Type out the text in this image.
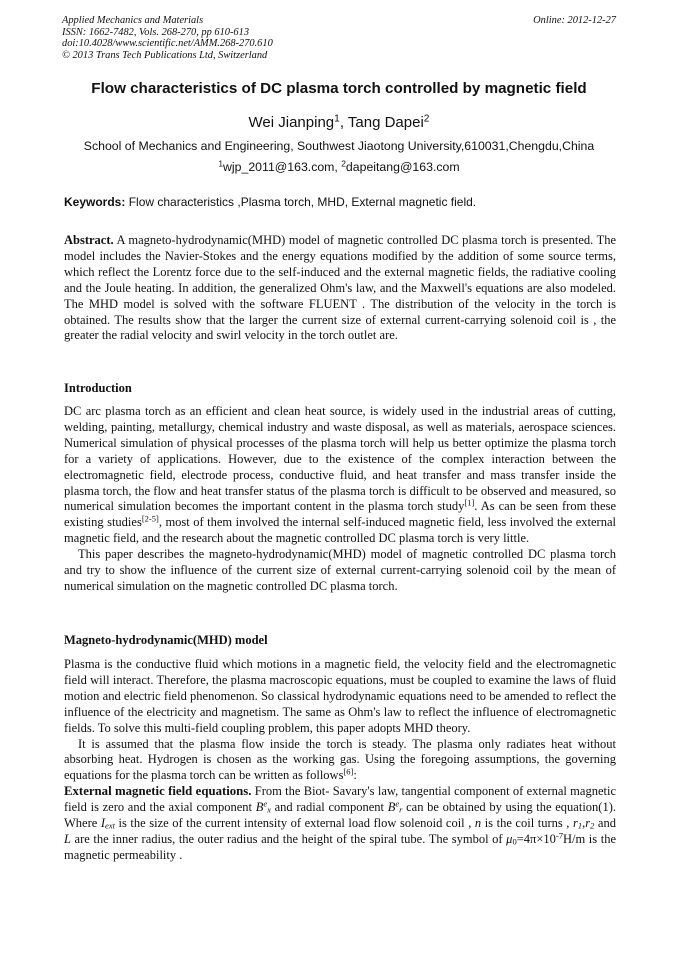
Applied Mechanics and Materials
ISSN: 1662-7482, Vols. 268-270, pp 610-613
doi:10.4028/www.scientific.net/AMM.268-270.610
© 2013 Trans Tech Publications Ltd, Switzerland
Online: 2012-12-27
Flow characteristics of DC plasma torch controlled by magnetic field
Wei Jianping$^1$, Tang Dapei$^2$
School of Mechanics and Engineering, Southwest Jiaotong University,610031,Chengdu,China
$^1$wjp_2011@163.com, $^2$dapeitang@163.com
Keywords: Flow characteristics ,Plasma torch, MHD, External magnetic field.

Abstract. A magneto-hydrodynamic(MHD) model of magnetic controlled DC plasma torch is presented. The model includes the Navier-Stokes and the energy equations modified by the addition of some source terms, which reflect the Lorentz force due to the self-induced and the external magnetic fields, the radiative cooling and the Joule heating. In addition, the generalized Ohm's law, and the Maxwell's equations are also modeled. The MHD model is solved with the software FLUENT . The distribution of the velocity in the torch is obtained. The results show that the larger the current size of external current-carrying solenoid coil is , the greater the radial velocity and swirl velocity in the torch outlet are.

Introduction

DC arc plasma torch as an efficient and clean heat source, is widely used in the industrial areas of cutting, welding, painting, metallurgy, chemical industry and waste disposal, as well as materials, aerospace sciences. Numerical simulation of physical processes of the plasma torch will help us better optimize the plasma torch for a variety of applications. However, due to the existence of the complex interaction between the electromagnetic field, electrode process, conductive fluid, and heat transfer and mass transfer inside the plasma torch, the flow and heat transfer status of the plasma torch is difficult to be observed and measured, so numerical simulation becomes the important content in the plasma torch study[1]. As can be seen from these existing studies[2-5], most of them involved the internal self-induced magnetic field, less involved the external magnetic field, and the research about the magnetic controlled DC plasma torch is very little.

This paper describes the magneto-hydrodynamic(MHD) model of magnetic controlled DC plasma torch and try to show the influence of the current size of external current-carrying solenoid coil by the mean of numerical simulation on the magnetic controlled DC plasma torch.

Magneto-hydrodynamic(MHD) model

Plasma is the conductive fluid which motions in a magnetic field, the velocity field and the electromagnetic field will interact. Therefore, the plasma macroscopic equations, must be coupled to examine the laws of fluid motion and electric field phenomenon. So classical hydrodynamic equations need to be amended to reflect the influence of the electricity and magnetism. The same as Ohm's law to reflect the influence of electromagnetic fields. To solve this multi-field coupling problem, this paper adopts MHD theory.

It is assumed that the plasma flow inside the torch is steady. The plasma only radiates heat without absorbing heat. Hydrogen is chosen as the working gas. Using the foregoing assumptions, the governing equations for the plasma torch can be written as follows[6]:

External magnetic field equations. From the Biot- Savary's law, tangential component of external magnetic field is zero and the axial component $B^e_x$ and radial component $B^e_r$ can be obtained by using the equation(1). Where $I_{ext}$ is the size of the current intensity of external load flow solenoid coil , n is the coil turns , $r_1,r_2$ and L are the inner radius, the outer radius and the height of the spiral tube. The symbol of $\mu_0=4\pi\times 10^{-7}H/m$ is the magnetic permeability .
